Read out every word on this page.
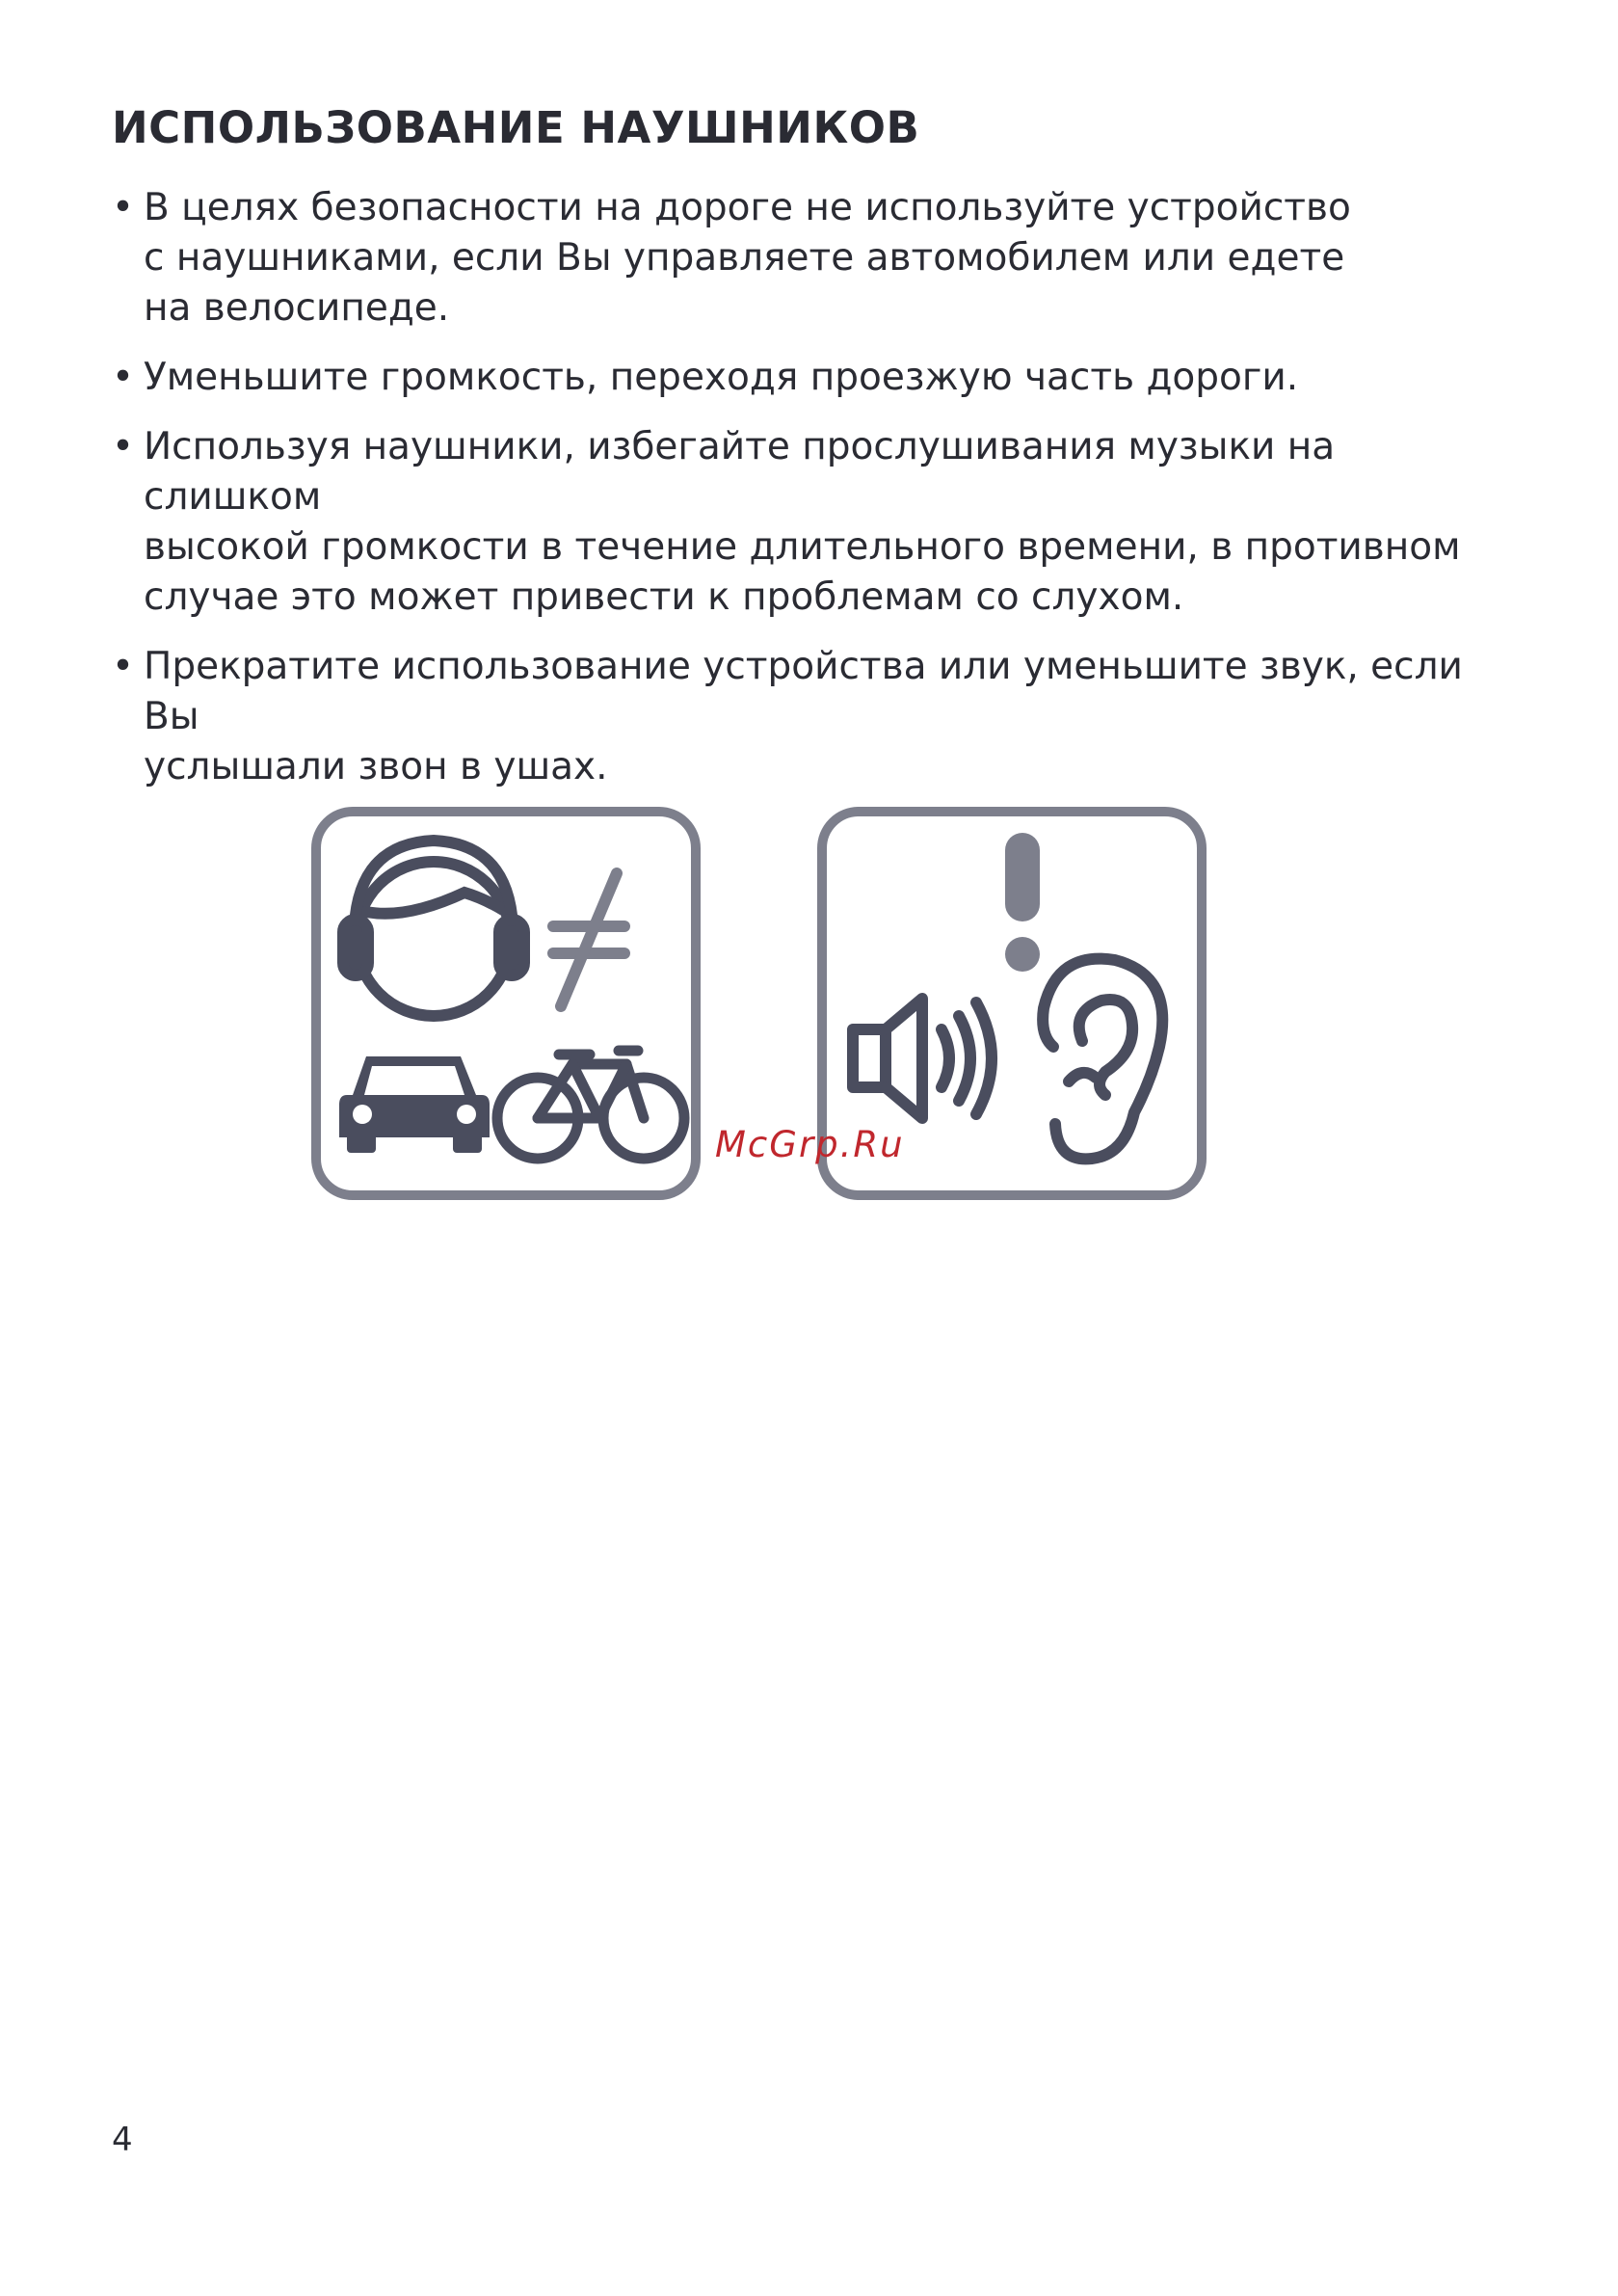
ИСПОЛЬЗОВАНИЕ НАУШНИКОВ
• В целях безопасности на дороге не используйте устройство
с наушниками, если Вы управляете автомобилем или едете
на велосипеде.
• Уменьшите громкость, переходя проезжую часть дороги.
• Используя наушники, избегайте прослушивания музыки на слишком
высокой громкости в течение длительного времени, в противном
случае это может привести к проблемам со слухом.
• Прекратите использование устройства или уменьшите звук, если Вы
услышали звон в ушах.
McGrp.Ru
4
